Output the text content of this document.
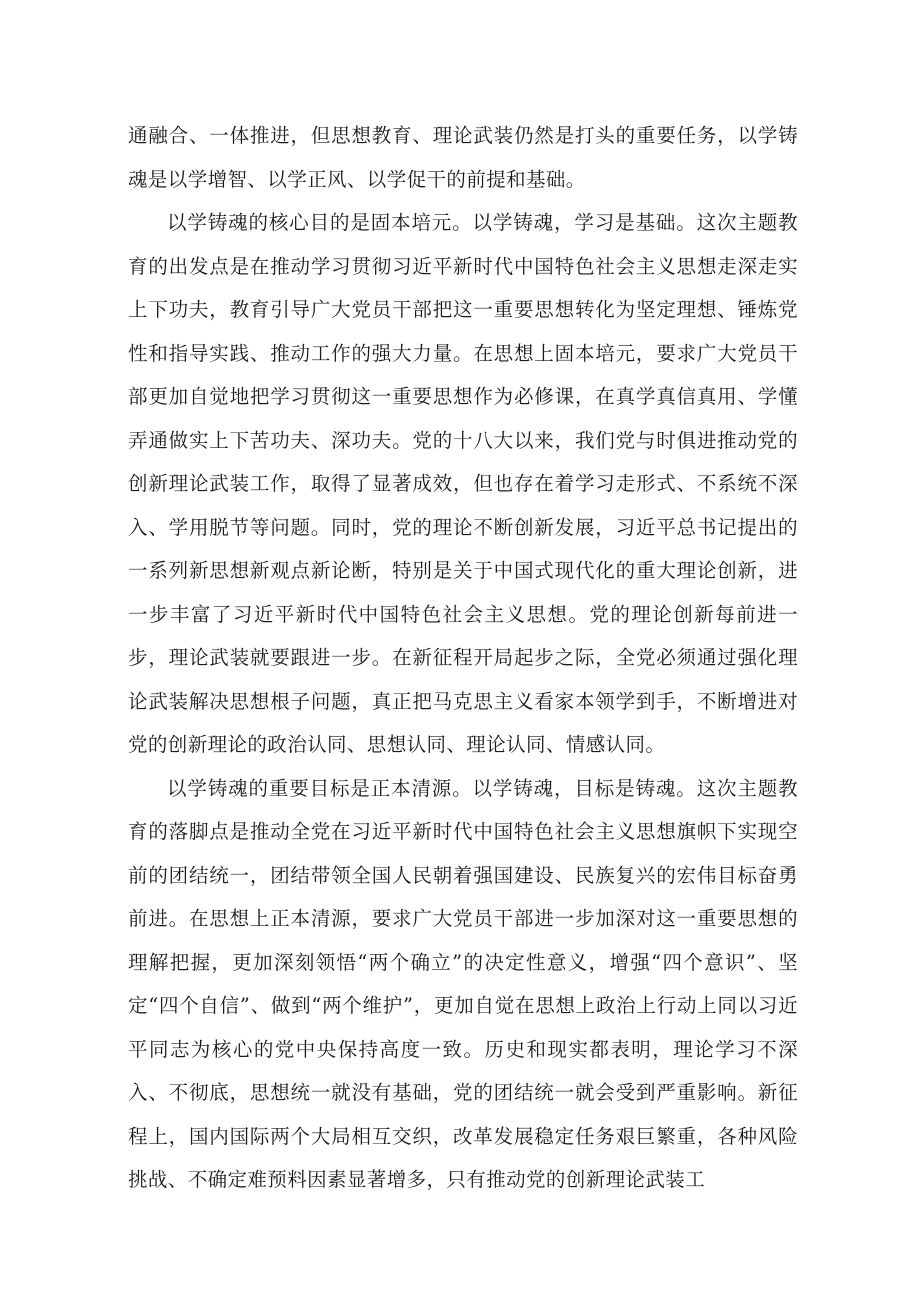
通融合、一体推进，但思想教育、理论武装仍然是打头的重要任务，以学铸魂是以学增智、以学正风、以学促干的前提和基础。

以学铸魂的核心目的是固本培元。以学铸魂，学习是基础。这次主题教育的出发点是在推动学习贯彻习近平新时代中国特色社会主义思想走深走实上下功夫，教育引导广大党员干部把这一重要思想转化为坚定理想、锤炼党性和指导实践、推动工作的强大力量。在思想上固本培元，要求广大党员干部更加自觉地把学习贯彻这一重要思想作为必修课，在真学真信真用、学懂弄通做实上下苦功夫、深功夫。党的十八大以来，我们党与时俱进推动党的创新理论武装工作，取得了显著成效，但也存在着学习走形式、不系统不深入、学用脱节等问题。同时，党的理论不断创新发展，习近平总书记提出的一系列新思想新观点新论断，特别是关于中国式现代化的重大理论创新，进一步丰富了习近平新时代中国特色社会主义思想。党的理论创新每前进一步，理论武装就要跟进一步。在新征程开局起步之际，全党必须通过强化理论武装解决思想根子问题，真正把马克思主义看家本领学到手，不断增进对党的创新理论的政治认同、思想认同、理论认同、情感认同。

以学铸魂的重要目标是正本清源。以学铸魂，目标是铸魂。这次主题教育的落脚点是推动全党在习近平新时代中国特色社会主义思想旗帜下实现空前的团结统一，团结带领全国人民朝着强国建设、民族复兴的宏伟目标奋勇前进。在思想上正本清源，要求广大党员干部进一步加深对这一重要思想的理解把握，更加深刻领悟“两个确立”的决定性意义，增强“四个意识”、坚定“四个自信”、做到“两个维护”，更加自觉在思想上政治上行动上同以习近平同志为核心的党中央保持高度一致。历史和现实都表明，理论学习不深入、不彻底，思想统一就没有基础，党的团结统一就会受到严重影响。新征程上，国内国际两个大局相互交织，改革发展稳定任务艰巨繁重，各种风险挑战、不确定难预料因素显著增多，只有推动党的创新理论武装工
